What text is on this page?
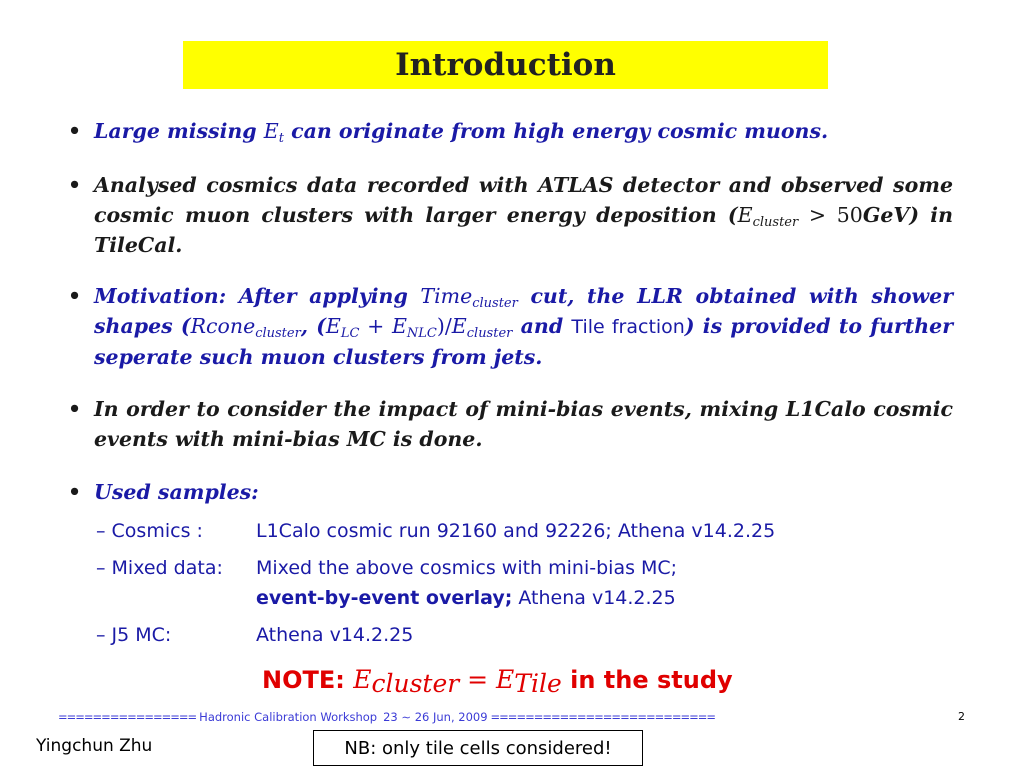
Introduction
• Large missing $E_t$ can originate from high energy cosmic muons.
• Analysed cosmics data recorded with ATLAS detector and observed some cosmic muon clusters with larger energy deposition $(E_{cluster} > 50GeV)$ in TileCal.
• Motivation: After applying Time$_{cluster}$ cut, the LLR obtained with shower shapes (Rcone$_{cluster}$, $(E_{LC} + E_{NLC})/E_{cluster}$ and Tile fraction) is provided to further seperate such muon clusters from jets.
• In order to consider the impact of mini-bias events, mixing L1Calo cosmic events with mini-bias MC is done.
• Used samples:
– Cosmics :	L1Calo cosmic run 92160 and 92226; Athena v14.2.25
– Mixed data: Mixed the above cosmics with mini-bias MC;
event-by-event overlay; Athena v14.2.25
– J5 MC:	Athena v14.2.25
NOTE: $E_{cluster} = E_{Tile}$ in the study
================ Hadronic Calibration Workshop 23 ∼ 26 Jun, 2009 ==========================	2
Yingchun Zhu	NB: only tile cells considered!
